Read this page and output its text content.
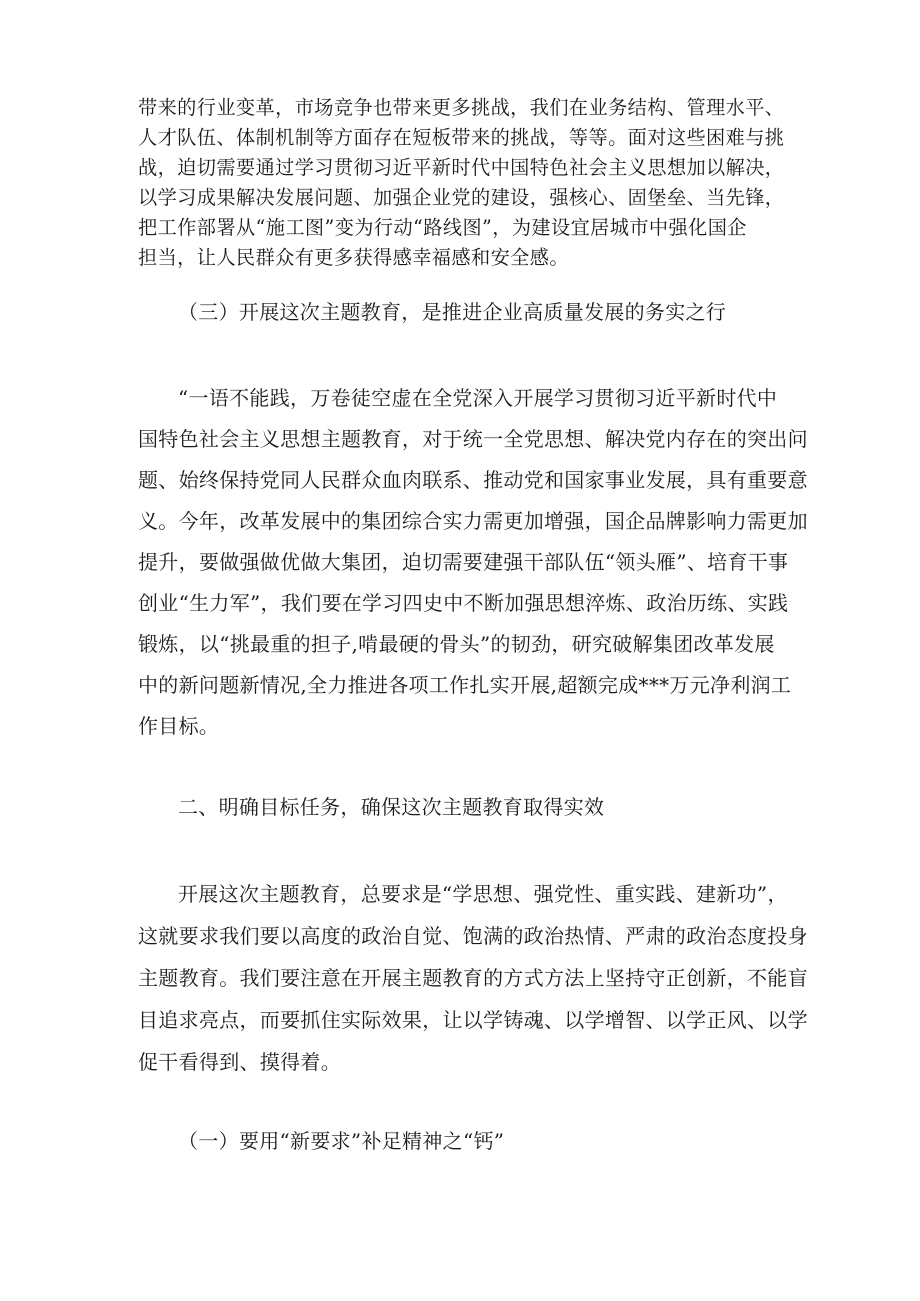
带来的行业变革，市场竞争也带来更多挑战，我们在业务结构、管理水平、
人才队伍、体制机制等方面存在短板带来的挑战，等等。面对这些困难与挑
战，迫切需要通过学习贯彻习近平新时代中国特色社会主义思想加以解决，
以学习成果解决发展问题、加强企业党的建设，强核心、固堡垒、当先锋，
把工作部署从“施工图”变为行动“路线图”，为建设宜居城市中强化国企
担当，让人民群众有更多获得感幸福感和安全感。
（三）开展这次主题教育，是推进企业高质量发展的务实之行
“一语不能践，万卷徒空虚在全党深入开展学习贯彻习近平新时代中
国特色社会主义思想主题教育，对于统一全党思想、解决党内存在的突出问
题、始终保持党同人民群众血肉联系、推动党和国家事业发展，具有重要意
义。今年，改革发展中的集团综合实力需更加增强，国企品牌影响力需更加
提升，要做强做优做大集团，迫切需要建强干部队伍“领头雁”、培育干事
创业“生力军”，我们要在学习四史中不断加强思想淬炼、政治历练、实践
锻炼，以“挑最重的担子,啃最硬的骨头”的韧劲，研究破解集团改革发展
中的新问题新情况,全力推进各项工作扎实开展,超额完成***万元净利润工
作目标。
二、明确目标任务，确保这次主题教育取得实效
开展这次主题教育，总要求是“学思想、强党性、重实践、建新功”，
这就要求我们要以高度的政治自觉、饱满的政治热情、严肃的政治态度投身
主题教育。我们要注意在开展主题教育的方式方法上坚持守正创新，不能盲
目追求亮点，而要抓住实际效果，让以学铸魂、以学增智、以学正风、以学
促干看得到、摸得着。
（一）要用“新要求”补足精神之“钙”
